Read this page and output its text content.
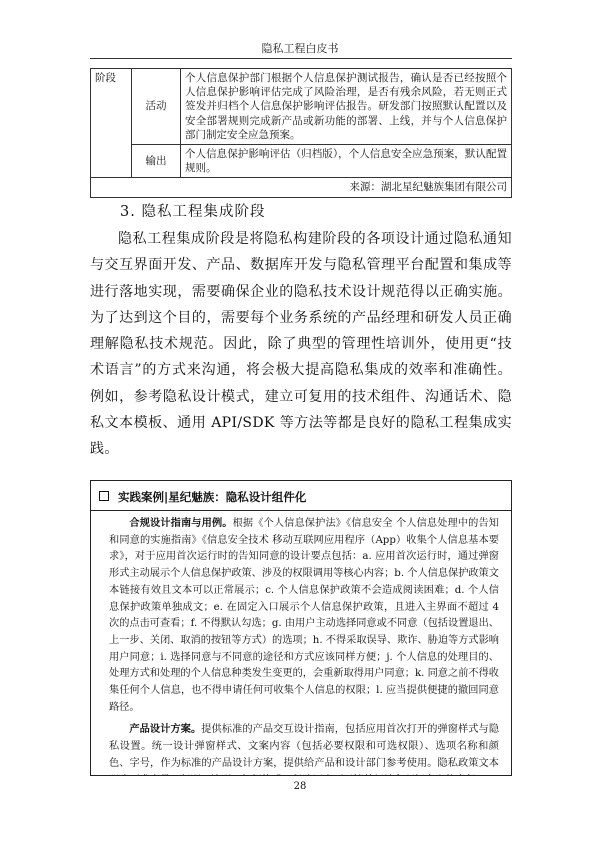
隐私工程白皮书
阶段	活动	个人信息保护部门根据个人信息保护测试报告，确认是否已经按照个人信息保护影响评估完成了风险治理，是否有残余风险，若无则正式签发并归档个人信息保护影响评估报告。研发部门按照默认配置以及安全部署规则完成新产品或新功能的部署、上线，并与个人信息保护部门制定安全应急预案。
	输出	个人信息保护影响评估（归档版），个人信息安全应急预案，默认配置规则。
来源：湖北星纪魅族集团有限公司		
3. 隐私工程集成阶段

隐私工程集成阶段是将隐私构建阶段的各项设计通过隐私通知与交互界面开发、产品、数据库开发与隐私管理平台配置和集成等进行落地实现，需要确保企业的隐私技术设计规范得以正确实施。为了达到这个目的，需要每个业务系统的产品经理和研发人员正确理解隐私技术规范。因此，除了典型的管理性培训外，使用更“技术语言”的方式来沟通，将会极大提高隐私集成的效率和准确性。例如，参考隐私设计模式，建立可复用的技术组件、沟通话术、隐私文本模板、通用 API/SDK 等方法等都是良好的隐私工程集成实践。

实践案例|星纪魅族：隐私设计组件化

合规设计指南与用例。根据《个人信息保护法》《信息安全 个人信息处理中的告知和同意的实施指南》《信息安全技术 移动互联网应用程序（App）收集个人信息基本要求》，对于应用首次运行时的告知同意的设计要点包括：a. 应用首次运行时，通过弹窗形式主动展示个人信息保护政策、涉及的权限调用等核心内容；b. 个人信息保护政策文本链接有效且文本可以正常展示；c. 个人信息保护政策不会造成阅读困难；d. 个人信息保护政策单独成文；e. 在固定入口展示个人信息保护政策，且进入主界面不超过 4 次的点击可查看；f. 不得默认勾选；g. 由用户主动选择同意或不同意（包括设置退出、上一步、关闭、取消的按钮等方式）的选项；h. 不得采取误导、欺诈、胁迫等方式影响用户同意；i. 选择同意与不同意的途径和方式应该同样方便；j. 个人信息的处理目的、处理方式和处理的个人信息种类发生变更的，会重新取得用户同意；k. 同意之前不得收集任何个人信息，也不得申请任何可收集个人信息的权限；l. 应当提供便捷的撤回同意路径。

产品设计方案。提供标准的产品交互设计指南，包括应用首次打开的弹窗样式与隐私设置。统一设计弹窗样式、文案内容（包括必要权限和可选权限）、选项名称和颜色、字号，作为标准的产品设计方案，提供给产品和设计部门参考使用。隐私政策文本

28
